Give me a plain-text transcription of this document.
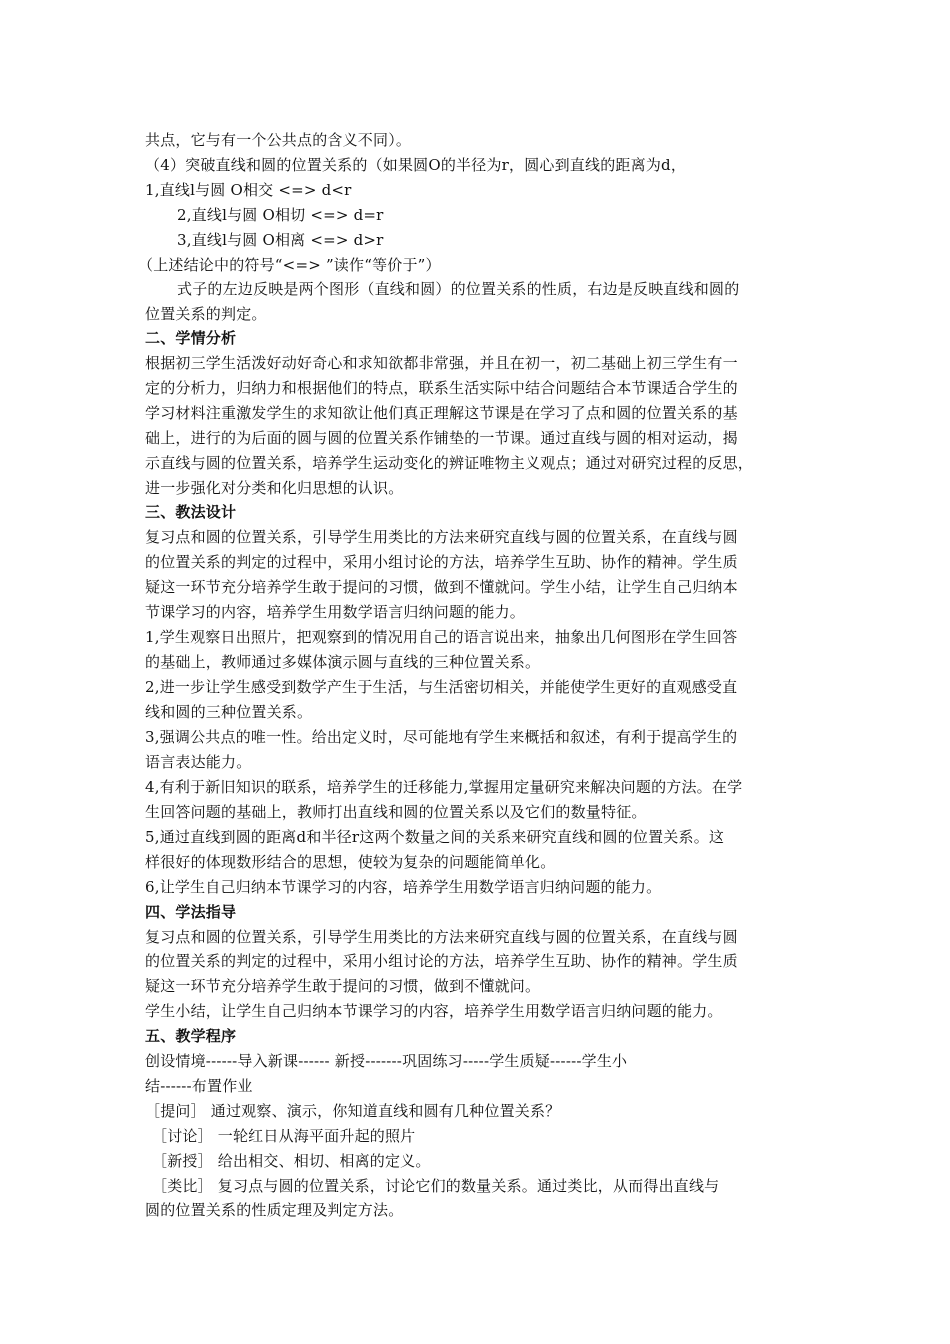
共点，它与有一个公共点的含义不同）。
（4）突破直线和圆的位置关系的（如果圆O的半径为r，圆心到直线的距离为d，
1,直线l与圆 O相交 <=> d<r
2,直线l与圆 O相切 <=> d=r
3,直线l与圆 O相离 <=> d>r
（上述结论中的符号“<=> ”读作“等价于”）
式子的左边反映是两个图形（直线和圆）的位置关系的性质，右边是反映直线和圆的
位置关系的判定。
二、学情分析
根据初三学生活泼好动好奇心和求知欲都非常强，并且在初一，初二基础上初三学生有一
定的分析力，归纳力和根据他们的特点，联系生活实际中结合问题结合本节课适合学生的
学习材料注重激发学生的求知欲让他们真正理解这节课是在学习了点和圆的位置关系的基
础上，进行的为后面的圆与圆的位置关系作铺垫的一节课。通过直线与圆的相对运动，揭
示直线与圆的位置关系，培养学生运动变化的辨证唯物主义观点；通过对研究过程的反思，
进一步强化对分类和化归思想的认识。
三、教法设计
复习点和圆的位置关系，引导学生用类比的方法来研究直线与圆的位置关系，在直线与圆
的位置关系的判定的过程中，采用小组讨论的方法，培养学生互助、协作的精神。学生质
疑这一环节充分培养学生敢于提问的习惯，做到不懂就问。学生小结，让学生自己归纳本
节课学习的内容，培养学生用数学语言归纳问题的能力。
1,学生观察日出照片，把观察到的情况用自己的语言说出来，抽象出几何图形在学生回答
的基础上，教师通过多媒体演示圆与直线的三种位置关系。
2,进一步让学生感受到数学产生于生活，与生活密切相关，并能使学生更好的直观感受直
线和圆的三种位置关系。
3,强调公共点的唯一性。给出定义时，尽可能地有学生来概括和叙述，有利于提高学生的
语言表达能力。
4,有利于新旧知识的联系，培养学生的迁移能力,掌握用定量研究来解决问题的方法。在学
生回答问题的基础上，教师打出直线和圆的位置关系以及它们的数量特征。
5,通过直线到圆的距离d和半径r这两个数量之间的关系来研究直线和圆的位置关系。这
样很好的体现数形结合的思想，使较为复杂的问题能简单化。
6,让学生自己归纳本节课学习的内容，培养学生用数学语言归纳问题的能力。
四、学法指导
复习点和圆的位置关系，引导学生用类比的方法来研究直线与圆的位置关系，在直线与圆
的位置关系的判定的过程中，采用小组讨论的方法，培养学生互助、协作的精神。学生质
疑这一环节充分培养学生敢于提问的习惯，做到不懂就问。
学生小结，让学生自己归纳本节课学习的内容，培养学生用数学语言归纳问题的能力。
五、教学程序
创设情境------导入新课------ 新授-------巩固练习-----学生质疑------学生小
结------布置作业
［提问］ 通过观察、演示，你知道直线和圆有几种位置关系？
［讨论］ 一轮红日从海平面升起的照片
［新授］ 给出相交、相切、相离的定义。
［类比］ 复习点与圆的位置关系，讨论它们的数量关系。通过类比，从而得出直线与
圆的位置关系的性质定理及判定方法。
